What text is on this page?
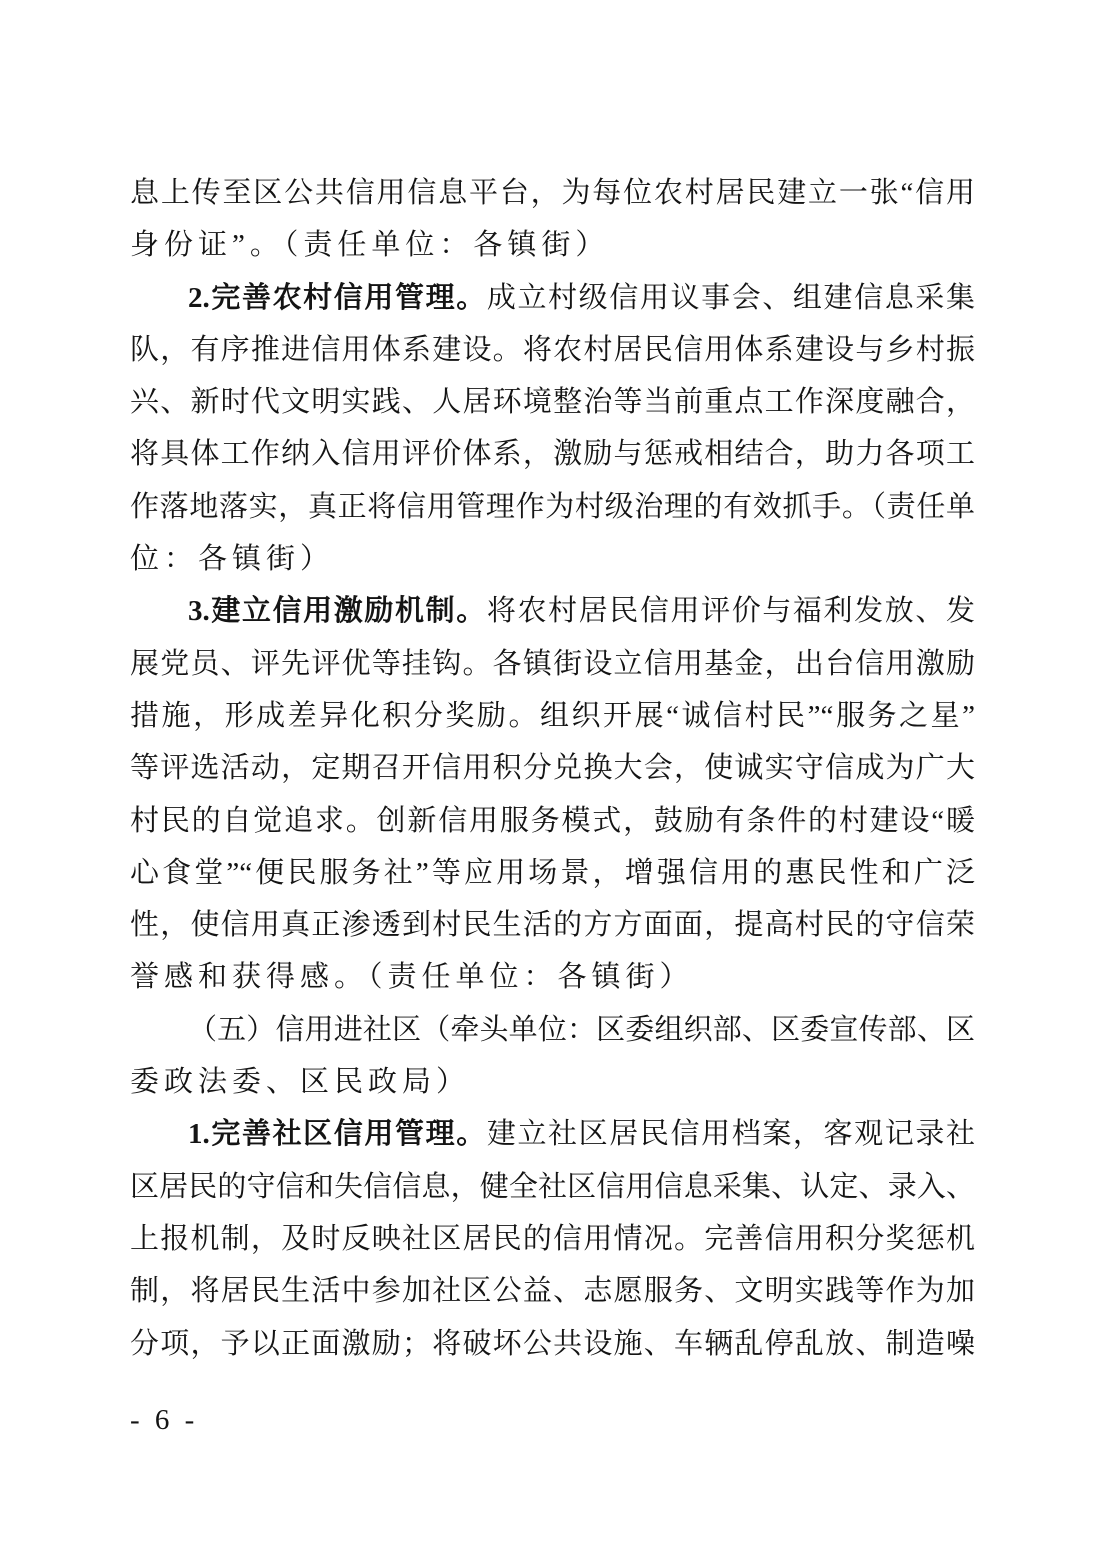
息上传至区公共信用信息平台，为每位农村居民建立一张“信用
身份证”。（责任单位：各镇街）
2.完善农村信用管理。成立村级信用议事会、组建信息采集
队，有序推进信用体系建设。将农村居民信用体系建设与乡村振
兴、新时代文明实践、人居环境整治等当前重点工作深度融合，
将具体工作纳入信用评价体系，激励与惩戒相结合，助力各项工
作落地落实，真正将信用管理作为村级治理的有效抓手。（责任单
位：各镇街）
3.建立信用激励机制。将农村居民信用评价与福利发放、发
展党员、评先评优等挂钩。各镇街设立信用基金，出台信用激励
措施，形成差异化积分奖励。组织开展“诚信村民”“服务之星”
等评选活动，定期召开信用积分兑换大会，使诚实守信成为广大
村民的自觉追求。创新信用服务模式，鼓励有条件的村建设“暖
心食堂”“便民服务社”等应用场景，增强信用的惠民性和广泛
性，使信用真正渗透到村民生活的方方面面，提高村民的守信荣
誉感和获得感。（责任单位：各镇街）
（五）信用进社区（牵头单位：区委组织部、区委宣传部、区
委政法委、区民政局）
1.完善社区信用管理。建立社区居民信用档案，客观记录社
区居民的守信和失信信息，健全社区信用信息采集、认定、录入、
上报机制，及时反映社区居民的信用情况。完善信用积分奖惩机
制，将居民生活中参加社区公益、志愿服务、文明实践等作为加
分项，予以正面激励；将破坏公共设施、车辆乱停乱放、制造噪
- 6 -
